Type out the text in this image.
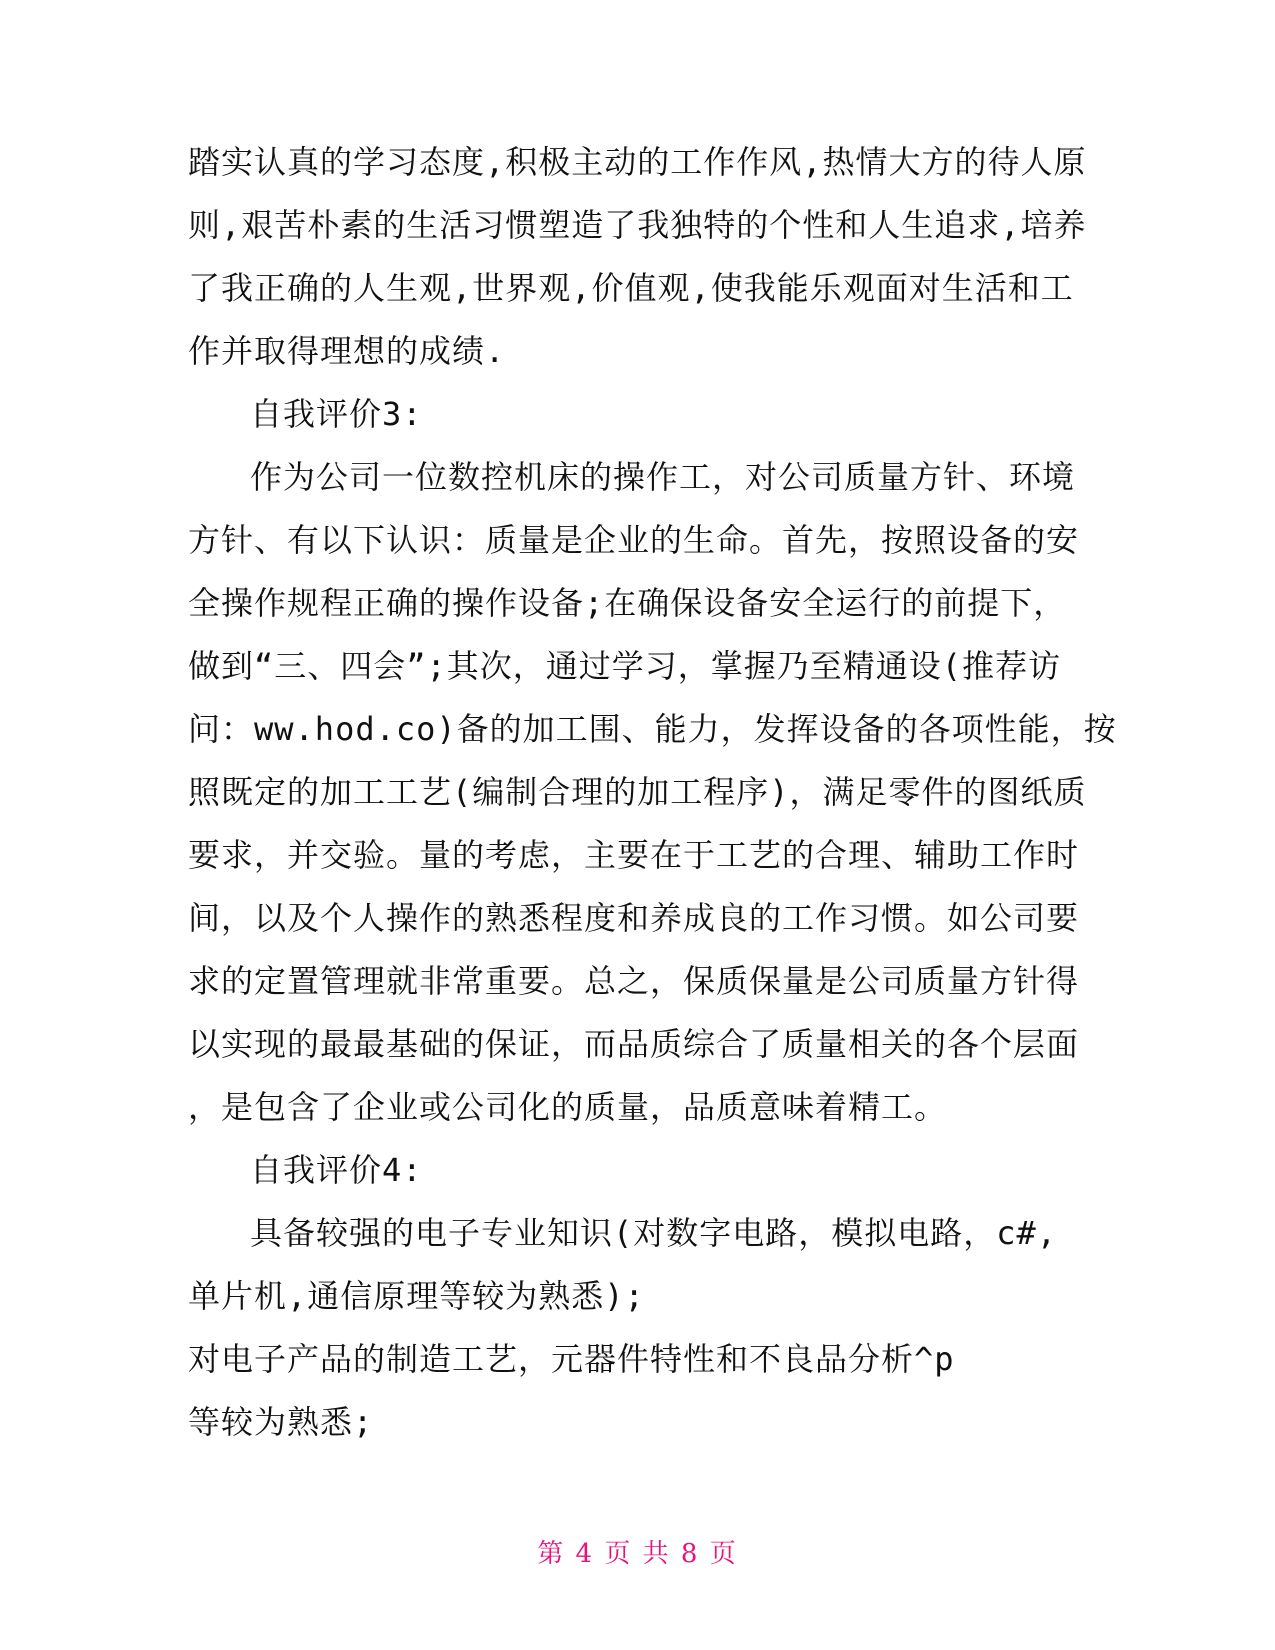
踏实认真的学习态度,积极主动的工作作风,热情大方的待人原
则,艰苦朴素的生活习惯塑造了我独特的个性和人生追求,培养
了我正确的人生观,世界观,价值观,使我能乐观面对生活和工
作并取得理想的成绩.
自我评价3:
作为公司一位数控机床的操作工，对公司质量方针、环境
方针、有以下认识：质量是企业的生命。首先，按照设备的安
全操作规程正确的操作设备;在确保设备安全运行的前提下，
做到“三、四会”;其次，通过学习，掌握乃至精通设(推荐访
问：ww.hod.co)备的加工围、能力，发挥设备的各项性能，按
照既定的加工工艺(编制合理的加工程序)，满足零件的图纸质
要求，并交验。量的考虑，主要在于工艺的合理、辅助工作时
间，以及个人操作的熟悉程度和养成良的工作习惯。如公司要
求的定置管理就非常重要。总之，保质保量是公司质量方针得
以实现的最最基础的保证，而品质综合了质量相关的各个层面
，是包含了企业或公司化的质量，品质意味着精工。
自我评价4:
具备较强的电子专业知识(对数字电路，模拟电路，c#,
单片机,通信原理等较为熟悉);
对电子产品的制造工艺，元器件特性和不良品分析^p
等较为熟悉;
第 4 页 共 8 页
